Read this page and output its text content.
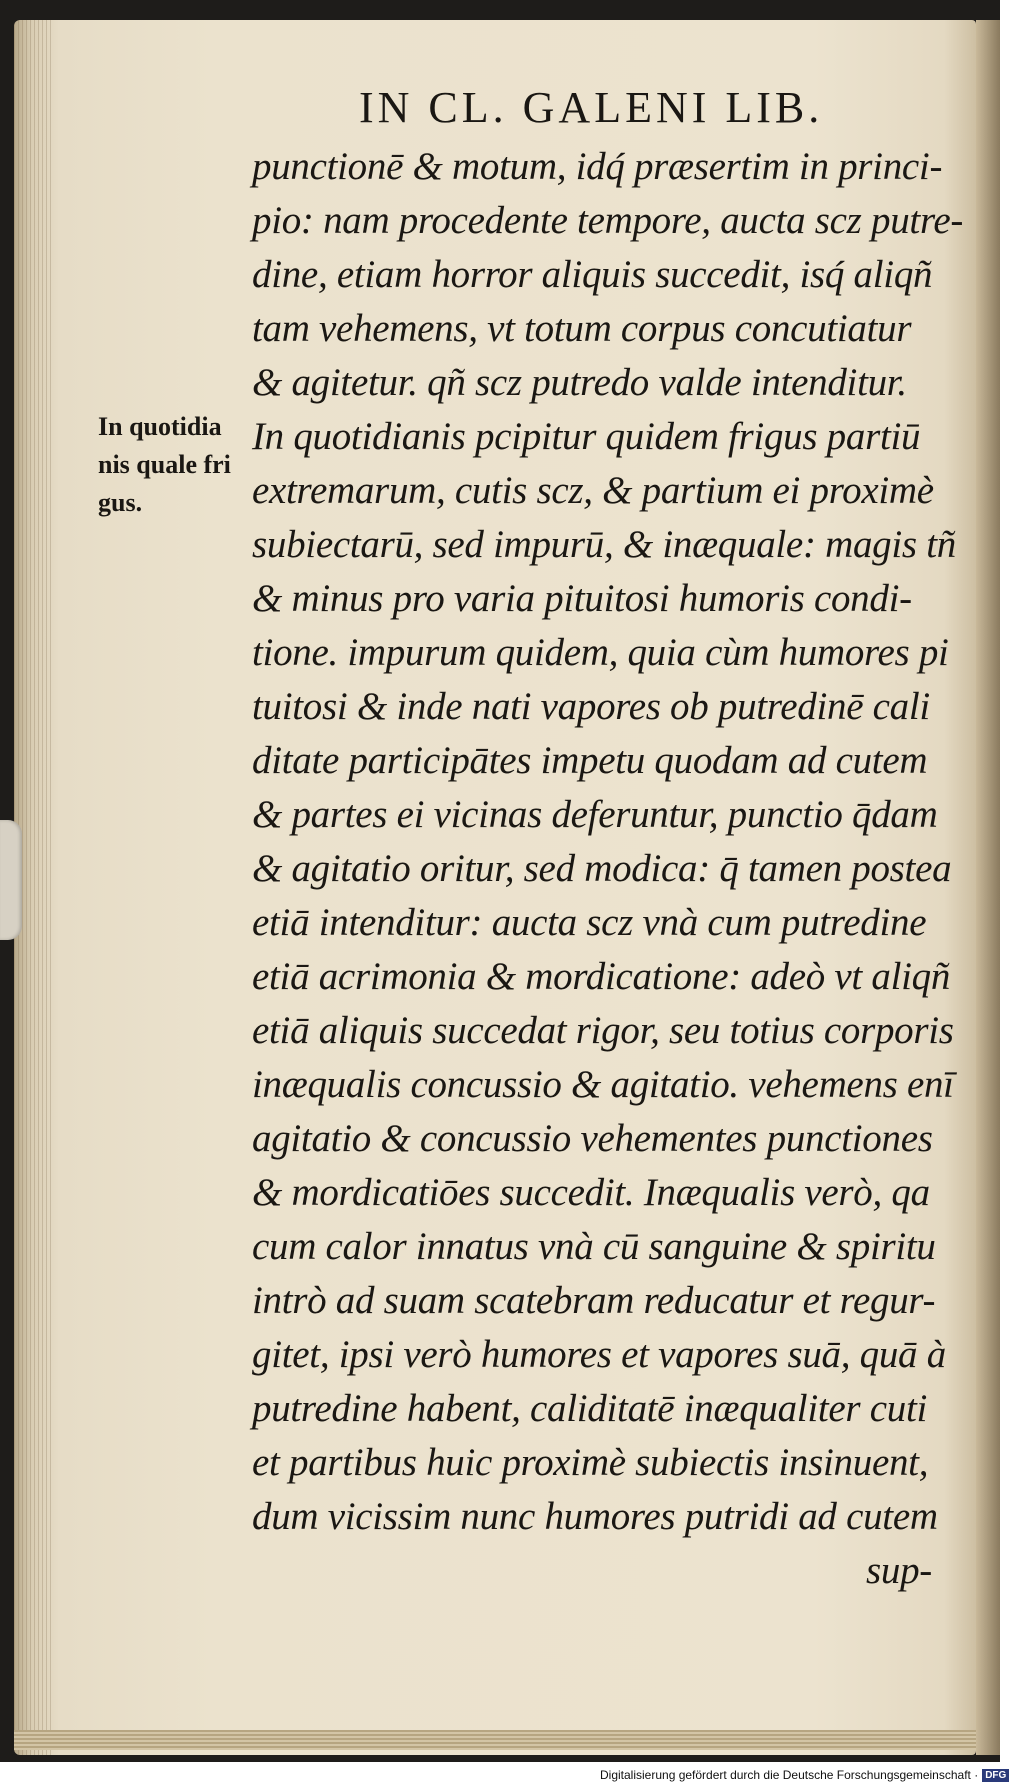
IN CL. GALENI LIB.
In quotidia
nis quale fri
gus.
punctionē & motum, idq́ præsertim in princi-
pio: nam procedente tempore, aucta scz putre-
dine, etiam horror aliquis succedit, isq́ aliqñ
tam vehemens, vt totum corpus concutiatur
& agitetur. qñ scz putredo valde intenditur.
In quotidianis pcipitur quidem frigus partiū
extremarum, cutis scz, & partium ei proximè
subiectarū, sed impurū, & inæquale: magis tñ
& minus pro varia pituitosi humoris condi-
tione. impurum quidem, quia cùm humores pi
tuitosi & inde nati vapores ob putredinē cali
ditate participātes impetu quodam ad cutem
& partes ei vicinas deferuntur, punctio q̄dam
& agitatio oritur, sed modica: q̄ tamen postea
etiā intenditur: aucta scz vnà cum putredine
etiā acrimonia & mordicatione: adeò vt aliqñ
etiā aliquis succedat rigor, seu totius corporis
inæqualis concussio & agitatio. vehemens enī
agitatio & concussio vehementes punctiones
& mordicatiōes succedit. Inæqualis verò, qa
cum calor innatus vnà cū sanguine & spiritu
intrò ad suam scatebram reducatur et regur-
gitet, ipsi verò humores et vapores suā, quā à
putredine habent, caliditatē inæqualiter cuti
et partibus huic proximè subiectis insinuent,
dum vicissim nunc humores putridi ad cutem
sup-
Digitalisierung gefördert durch die Deutsche Forschungsgemeinschaft · DFG
